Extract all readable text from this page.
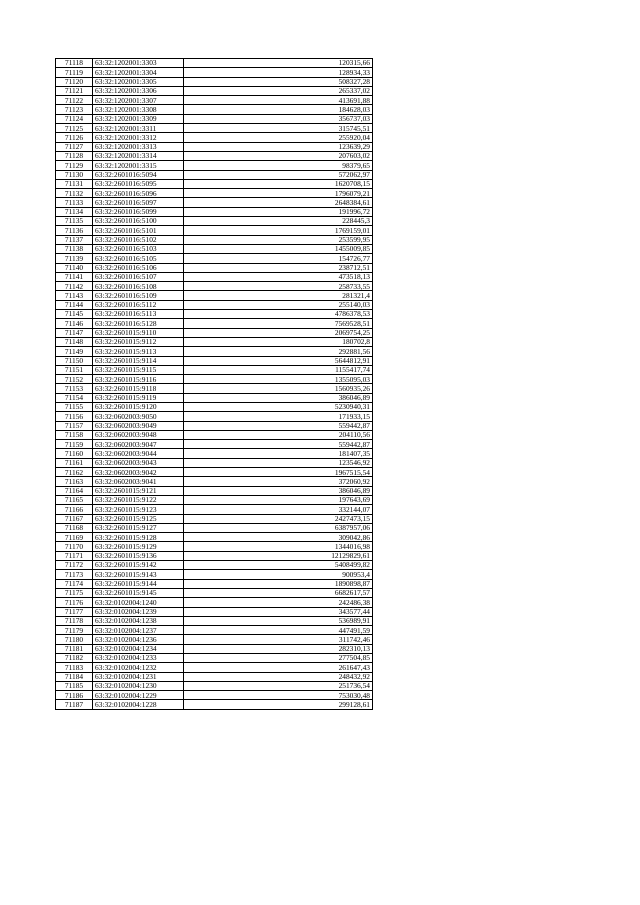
71118	63:32:1202001:3303	120315,66
71119	63:32:1202001:3304	128934,33
71120	63:32:1202001:3305	508327,28
71121	63:32:1202001:3306	265337,02
71122	63:32:1202001:3307	413691,88
71123	63:32:1202001:3308	184628,03
71124	63:32:1202001:3309	356737,03
71125	63:32:1202001:3311	315745,51
71126	63:32:1202001:3312	255920,04
71127	63:32:1202001:3313	123639,29
71128	63:32:1202001:3314	207603,02
71129	63:32:1202001:3315	98379,65
71130	63:32:2601016:5094	572062,97
71131	63:32:2601016:5095	1620708,15
71132	63:32:2601016:5096	1796079,21
71133	63:32:2601016:5097	2648384,61
71134	63:32:2601016:5099	191996,72
71135	63:32:2601016:5100	228445,3
71136	63:32:2601016:5101	1769159,01
71137	63:32:2601016:5102	253599,95
71138	63:32:2601016:5103	1455009,85
71139	63:32:2601016:5105	154726,77
71140	63:32:2601016:5106	238712,51
71141	63:32:2601016:5107	473518,13
71142	63:32:2601016:5108	258733,55
71143	63:32:2601016:5109	281321,4
71144	63:32:2601016:5112	255140,03
71145	63:32:2601016:5113	4786378,53
71146	63:32:2601016:5128	7569528,51
71147	63:32:2601015:9110	2069754,25
71148	63:32:2601015:9112	180702,8
71149	63:32:2601015:9113	292881,56
71150	63:32:2601015:9114	5644812,91
71151	63:32:2601015:9115	1155417,74
71152	63:32:2601015:9116	1355095,03
71153	63:32:2601015:9118	1560935,26
71154	63:32:2601015:9119	386046,89
71155	63:32:2601015:9120	5230940,31
71156	63:32:0602003:9050	171933,15
71157	63:32:0602003:9049	559442,87
71158	63:32:0602003:9048	204110,56
71159	63:32:0602003:9047	559442,87
71160	63:32:0602003:9044	181407,35
71161	63:32:0602003:9043	123546,92
71162	63:32:0602003:9042	1967515,54
71163	63:32:0602003:9041	372060,92
71164	63:32:2601015:9121	386046,89
71165	63:32:2601015:9122	197643,69
71166	63:32:2601015:9123	332144,07
71167	63:32:2601015:9125	2427473,15
71168	63:32:2601015:9127	6387957,06
71169	63:32:2601015:9128	309042,86
71170	63:32:2601015:9129	1344016,98
71171	63:32:2601015:9136	12129829,61
71172	63:32:2601015:9142	5408499,82
71173	63:32:2601015:9143	900953,4
71174	63:32:2601015:9144	1890898,87
71175	63:32:2601015:9145	6682617,57
71176	63:32:0102004:1240	242486,38
71177	63:32:0102004:1239	343577,44
71178	63:32:0102004:1238	536989,91
71179	63:32:0102004:1237	447491,59
71180	63:32:0102004:1236	311742,46
71181	63:32:0102004:1234	282310,13
71182	63:32:0102004:1233	277504,85
71183	63:32:0102004:1232	261647,43
71184	63:32:0102004:1231	248432,92
71185	63:32:0102004:1230	251736,54
71186	63:32:0102004:1229	753030,48
71187	63:32:0102004:1228	299128,61
